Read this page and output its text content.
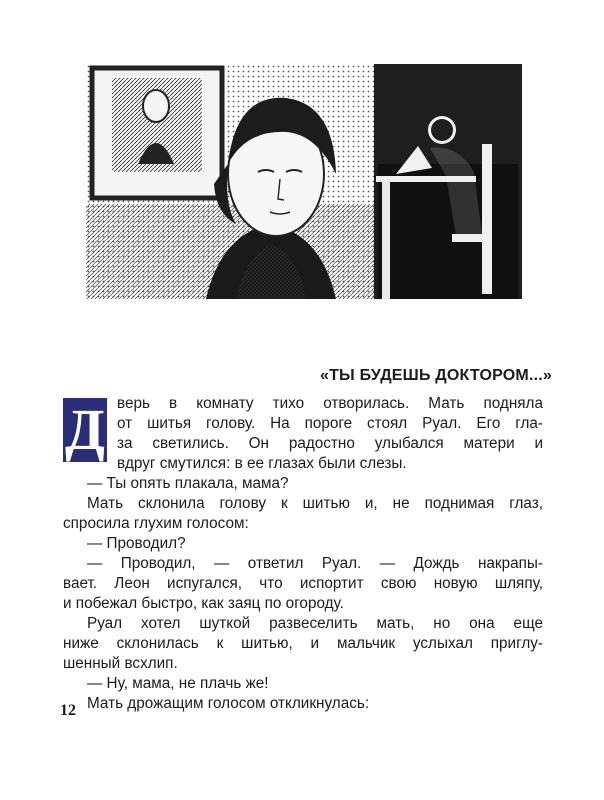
«ТЫ БУДЕШЬ ДОКТОРОМ...»
Д верь в комнату тихо отворилась. Мать подняла
от шитья голову. На пороге стоял Руал. Его гла-
за светились. Он радостно улыбался матери и
вдруг смутился: в ее глазах были слезы.
— Ты опять плакала, мама?
Мать склонила голову к шитью и, не поднимая глаз,
спросила глухим голосом:
— Проводил?
— Проводил, — ответил Руал. — Дождь накрапы-
вает. Леон испугался, что испортит свою новую шляпу,
и побежал быстро, как заяц по огороду.
Руал хотел шуткой развеселить мать, но она еще
ниже склонилась к шитью, и мальчик услыхал приглу-
шенный всхлип.
— Ну, мама, не плачь же!
Мать дрожащим голосом откликнулась:
12
